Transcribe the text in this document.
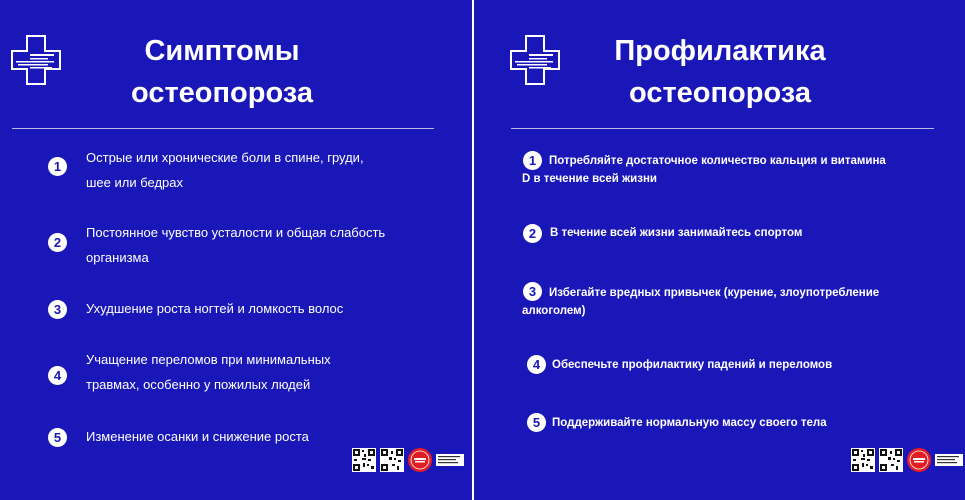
Симптомы
остеопороза
1
Острые или хронические боли в спине, груди,
шее или бедрах
2
Постоянное чувство усталости и общая слабость
организма
3	Ухудшение роста ногтей и ломкость волос
4
Учащение переломов при минимальных
травмах, особенно у пожилых людей
5	Изменение осанки и снижение роста
Профилактика
остеопороза
1	Потребляйте достаточное количество кальция и витамина
D в течение всей жизни
2	В течение всей жизни занимайтесь спортом
3	Избегайте вредных привычек (курение, злоупотребление
алкоголем)
4	Обеспечьте профилактику падений и переломов
5	Поддерживайте нормальную массу своего тела
